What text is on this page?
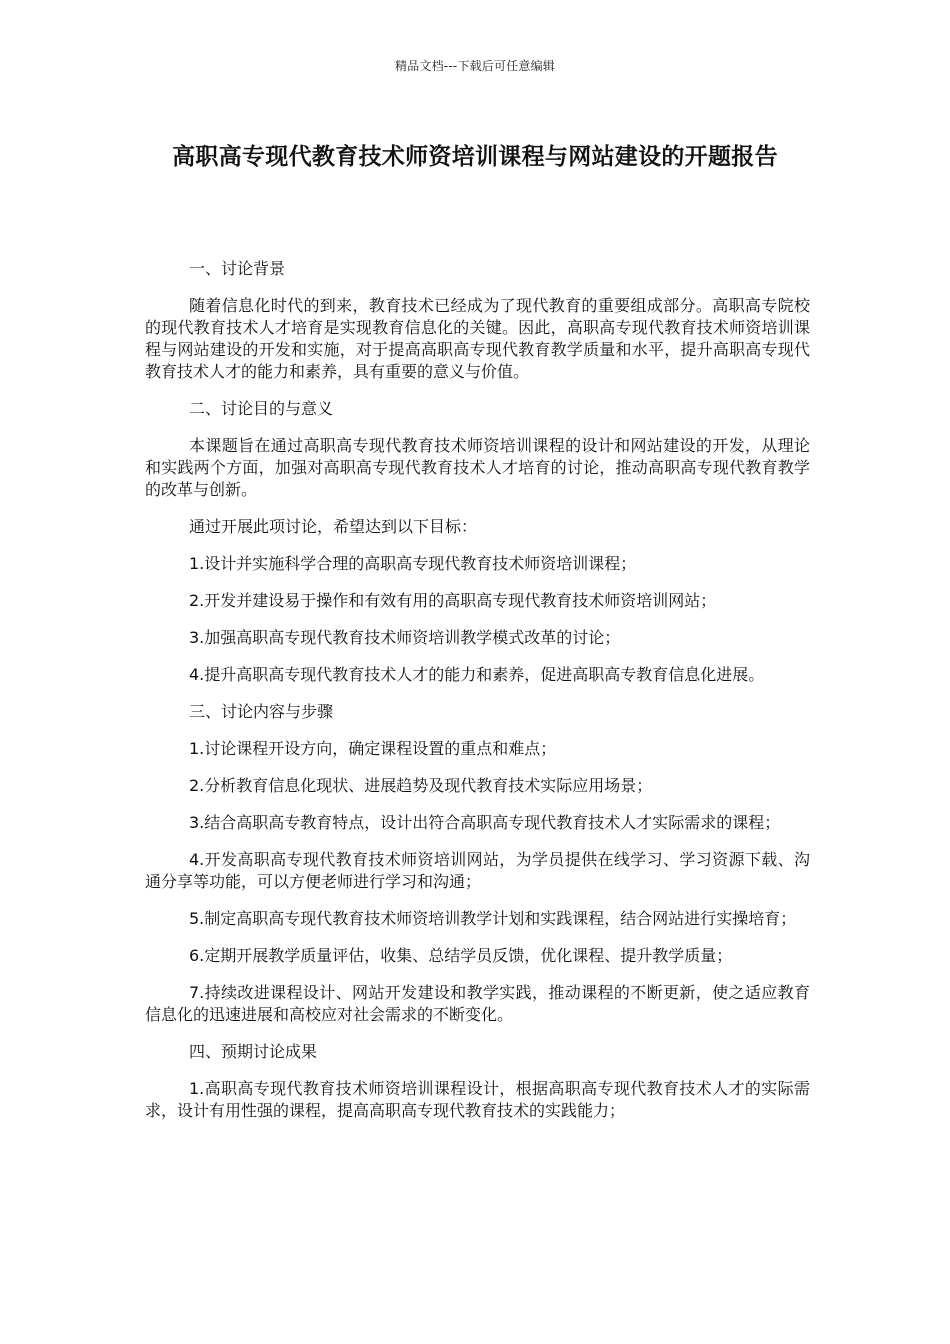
精品文档---下载后可任意编辑
高职高专现代教育技术师资培训课程与网站建设的开题报告

一、讨论背景

随着信息化时代的到来，教育技术已经成为了现代教育的重要组成部分。高职高专院校的现代教育技术人才培育是实现教育信息化的关键。因此，高职高专现代教育技术师资培训课程与网站建设的开发和实施，对于提高高职高专现代教育教学质量和水平，提升高职高专现代教育技术人才的能力和素养，具有重要的意义与价值。

二、讨论目的与意义

本课题旨在通过高职高专现代教育技术师资培训课程的设计和网站建设的开发，从理论和实践两个方面，加强对高职高专现代教育技术人才培育的讨论，推动高职高专现代教育教学的改革与创新。

通过开展此项讨论，希望达到以下目标：

1.设计并实施科学合理的高职高专现代教育技术师资培训课程；

2.开发并建设易于操作和有效有用的高职高专现代教育技术师资培训网站；

3.加强高职高专现代教育技术师资培训教学模式改革的讨论；

4.提升高职高专现代教育技术人才的能力和素养，促进高职高专教育信息化进展。

三、讨论内容与步骤

1.讨论课程开设方向，确定课程设置的重点和难点；

2.分析教育信息化现状、进展趋势及现代教育技术实际应用场景；

3.结合高职高专教育特点，设计出符合高职高专现代教育技术人才实际需求的课程；

4.开发高职高专现代教育技术师资培训网站，为学员提供在线学习、学习资源下载、沟通分享等功能，可以方便老师进行学习和沟通；

5.制定高职高专现代教育技术师资培训教学计划和实践课程，结合网站进行实操培育；

6.定期开展教学质量评估，收集、总结学员反馈，优化课程、提升教学质量；

7.持续改进课程设计、网站开发建设和教学实践，推动课程的不断更新，使之适应教育信息化的迅速进展和高校应对社会需求的不断变化。

四、预期讨论成果

1.高职高专现代教育技术师资培训课程设计，根据高职高专现代教育技术人才的实际需求，设计有用性强的课程，提高高职高专现代教育技术的实践能力；
